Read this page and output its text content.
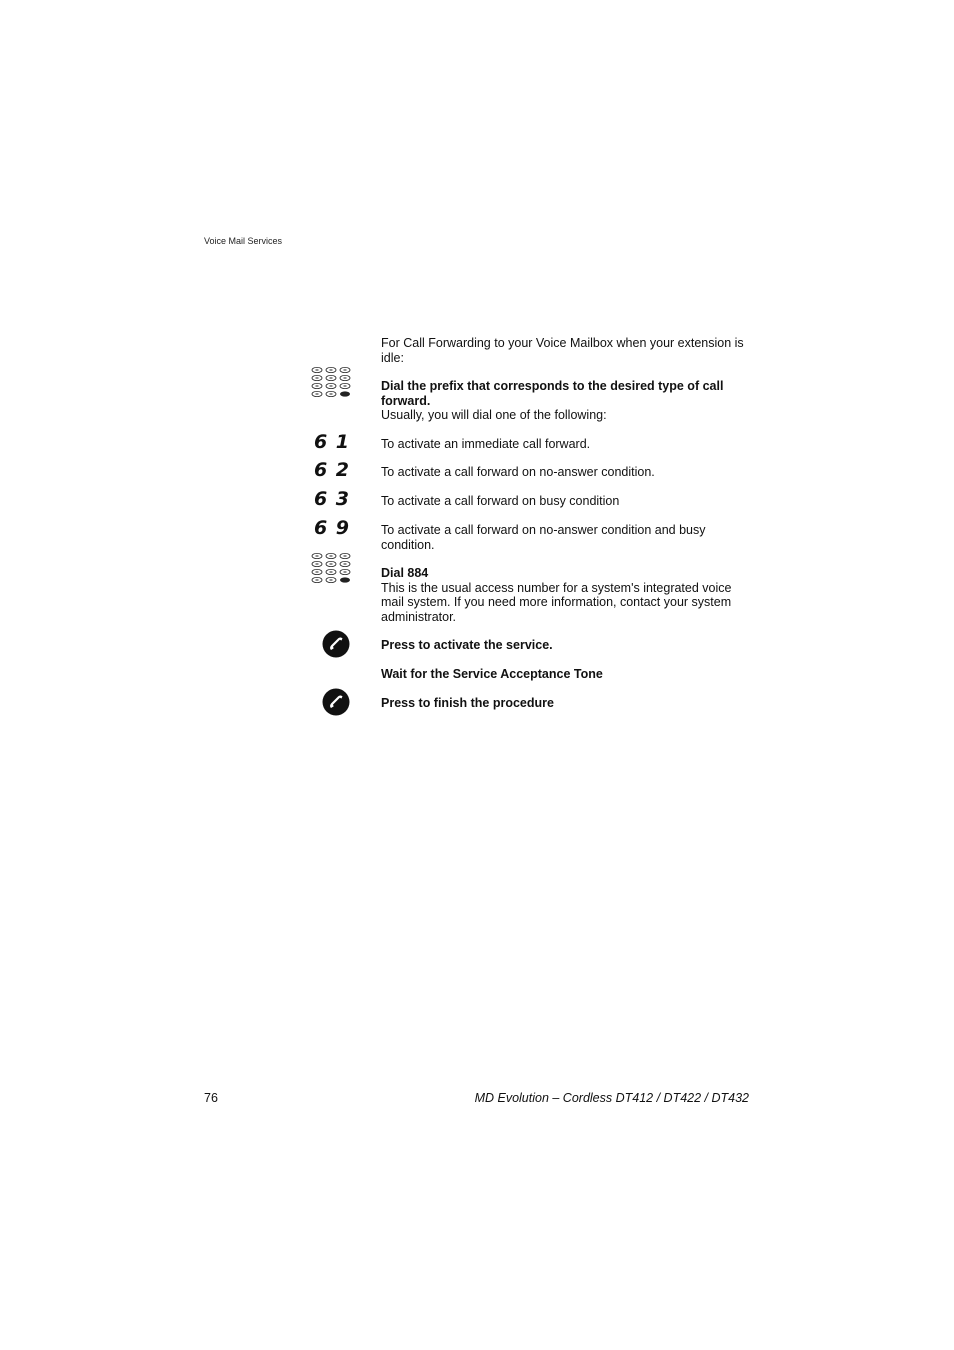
Voice Mail Services
For Call Forwarding to your Voice Mailbox when your extension is idle:
Dial the prefix that corresponds to the desired type of call forward.
Usually, you will dial one of the following:
6 1 To activate an immediate call forward.
6 2 To activate a call forward on no-answer condition.
6 3 To activate a call forward on busy condition
6 9 To activate a call forward on no-answer condition and busy condition.
Dial 884
This is the usual access number for a system's integrated voice mail system. If you need more information, contact your system administrator.
Press to activate the service.
Wait for the Service Acceptance Tone
Press to finish the procedure
76	MD Evolution – Cordless DT412 / DT422 / DT432
